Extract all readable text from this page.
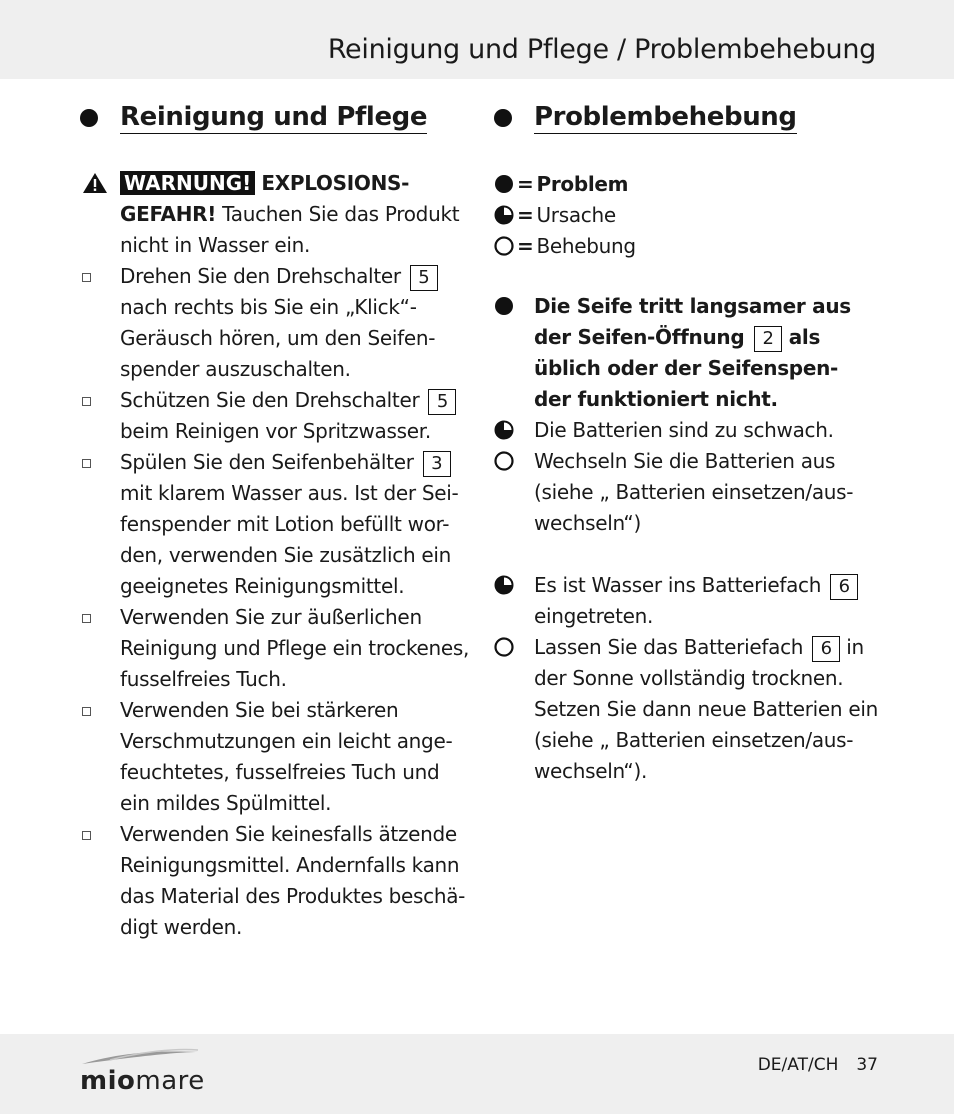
Reinigung und Pflege / Problembehebung
Reinigung und Pflege
WARNUNG! EXPLOSIONS-
GEFAHR! Tauchen Sie das Produkt nicht in Wasser ein.
Drehen Sie den Drehschalter 5 nach rechts bis Sie ein „Klick“-Geräusch hören, um den Seifen-spender auszuschalten.
Schützen Sie den Drehschalter 5 beim Reinigen vor Spritzwasser.
Spülen Sie den Seifenbehälter 3 mit klarem Wasser aus. Ist der Sei-fenspender mit Lotion befüllt wor-den, verwenden Sie zusätzlich ein geeignetes Reinigungsmittel.
Verwenden Sie zur äußerlichen Reinigung und Pflege ein trockenes, fusselfreies Tuch.
Verwenden Sie bei stärkeren Verschmutzungen ein leicht ange-feuchtetes, fusselfreies Tuch und ein mildes Spülmittel.
Verwenden Sie keinesfalls ätzende Reinigungsmittel. Andernfalls kann das Material des Produktes beschä-digt werden.
Problembehebung
= Problem
= Ursache
= Behebung
Die Seife tritt langsamer aus
der Seifen-Öffnung 2 als
üblich oder der Seifenspen-
der funktioniert nicht.
Die Batterien sind zu schwach.
Wechseln Sie die Batterien aus (siehe „ Batterien einsetzen/aus-wechseln“)
Es ist Wasser ins Batteriefach 6 eingetreten.
Lassen Sie das Batteriefach 6 in der Sonne vollständig trocknen. Setzen Sie dann neue Batterien ein (siehe „ Batterien einsetzen/aus-wechseln“).
miomare
DE/AT/CH 37
